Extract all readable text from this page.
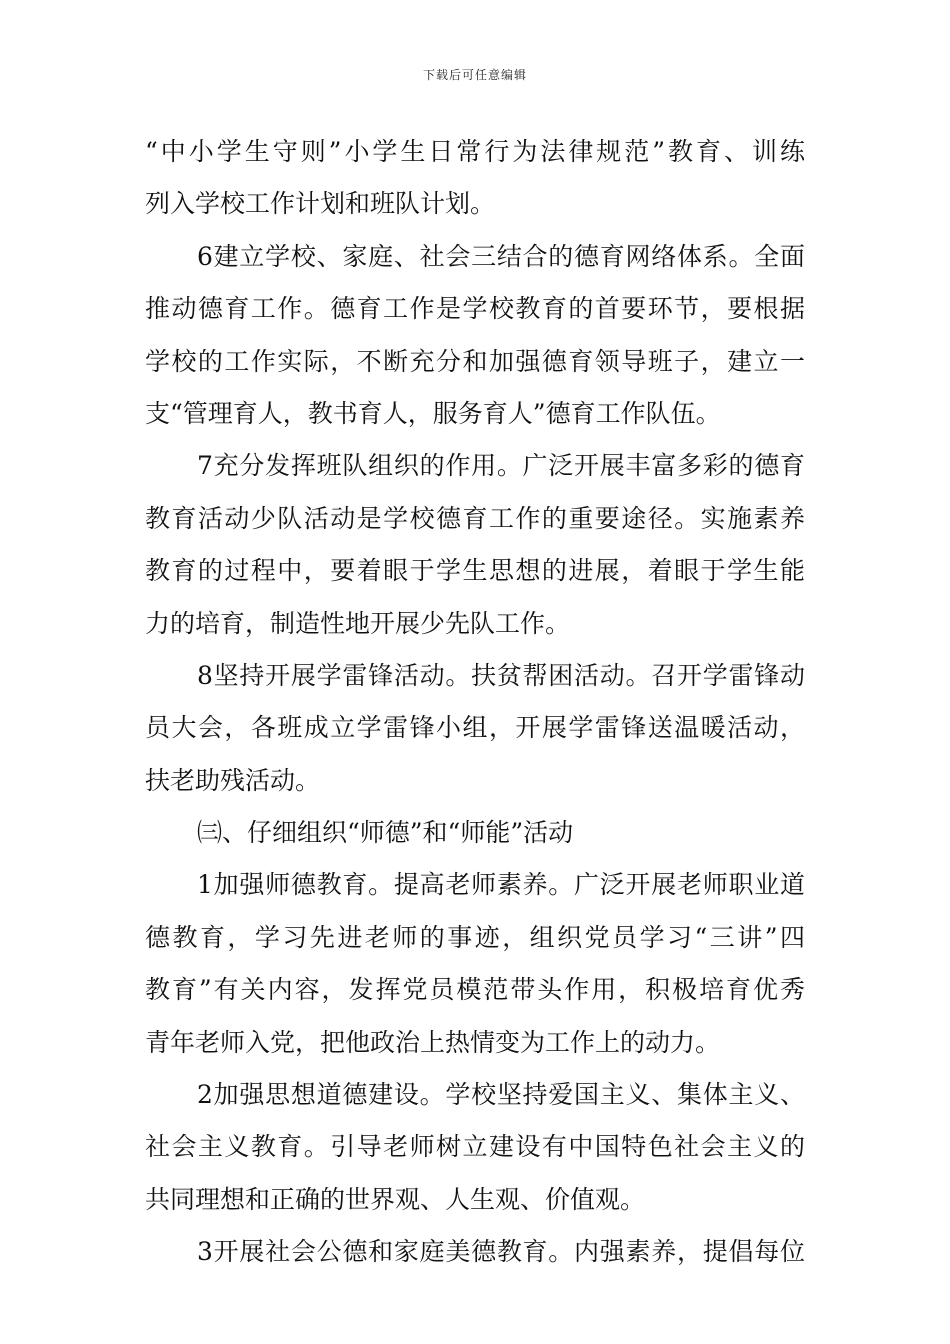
下载后可任意编辑
“中小学生守则”小学生日常行为法律规范”教育、训练
列入学校工作计划和班队计划。
6建立学校、家庭、社会三结合的德育网络体系。全面
推动德育工作。德育工作是学校教育的首要环节，要根据
学校的工作实际，不断充分和加强德育领导班子，建立一
支“管理育人，教书育人，服务育人”德育工作队伍。
7充分发挥班队组织的作用。广泛开展丰富多彩的德育
教育活动少队活动是学校德育工作的重要途径。实施素养
教育的过程中，要着眼于学生思想的进展，着眼于学生能
力的培育，制造性地开展少先队工作。
8坚持开展学雷锋活动。扶贫帮困活动。召开学雷锋动
员大会，各班成立学雷锋小组，开展学雷锋送温暖活动，
扶老助残活动。
㈢、仔细组织“师德”和“师能”活动
1加强师德教育。提高老师素养。广泛开展老师职业道
德教育，学习先进老师的事迹，组织党员学习“三讲”四
教育”有关内容，发挥党员模范带头作用，积极培育优秀
青年老师入党，把他政治上热情变为工作上的动力。
2加强思想道德建设。学校坚持爱国主义、集体主义、
社会主义教育。引导老师树立建设有中国特色社会主义的
共同理想和正确的世界观、人生观、价值观。
3开展社会公德和家庭美德教育。内强素养，提倡每位
